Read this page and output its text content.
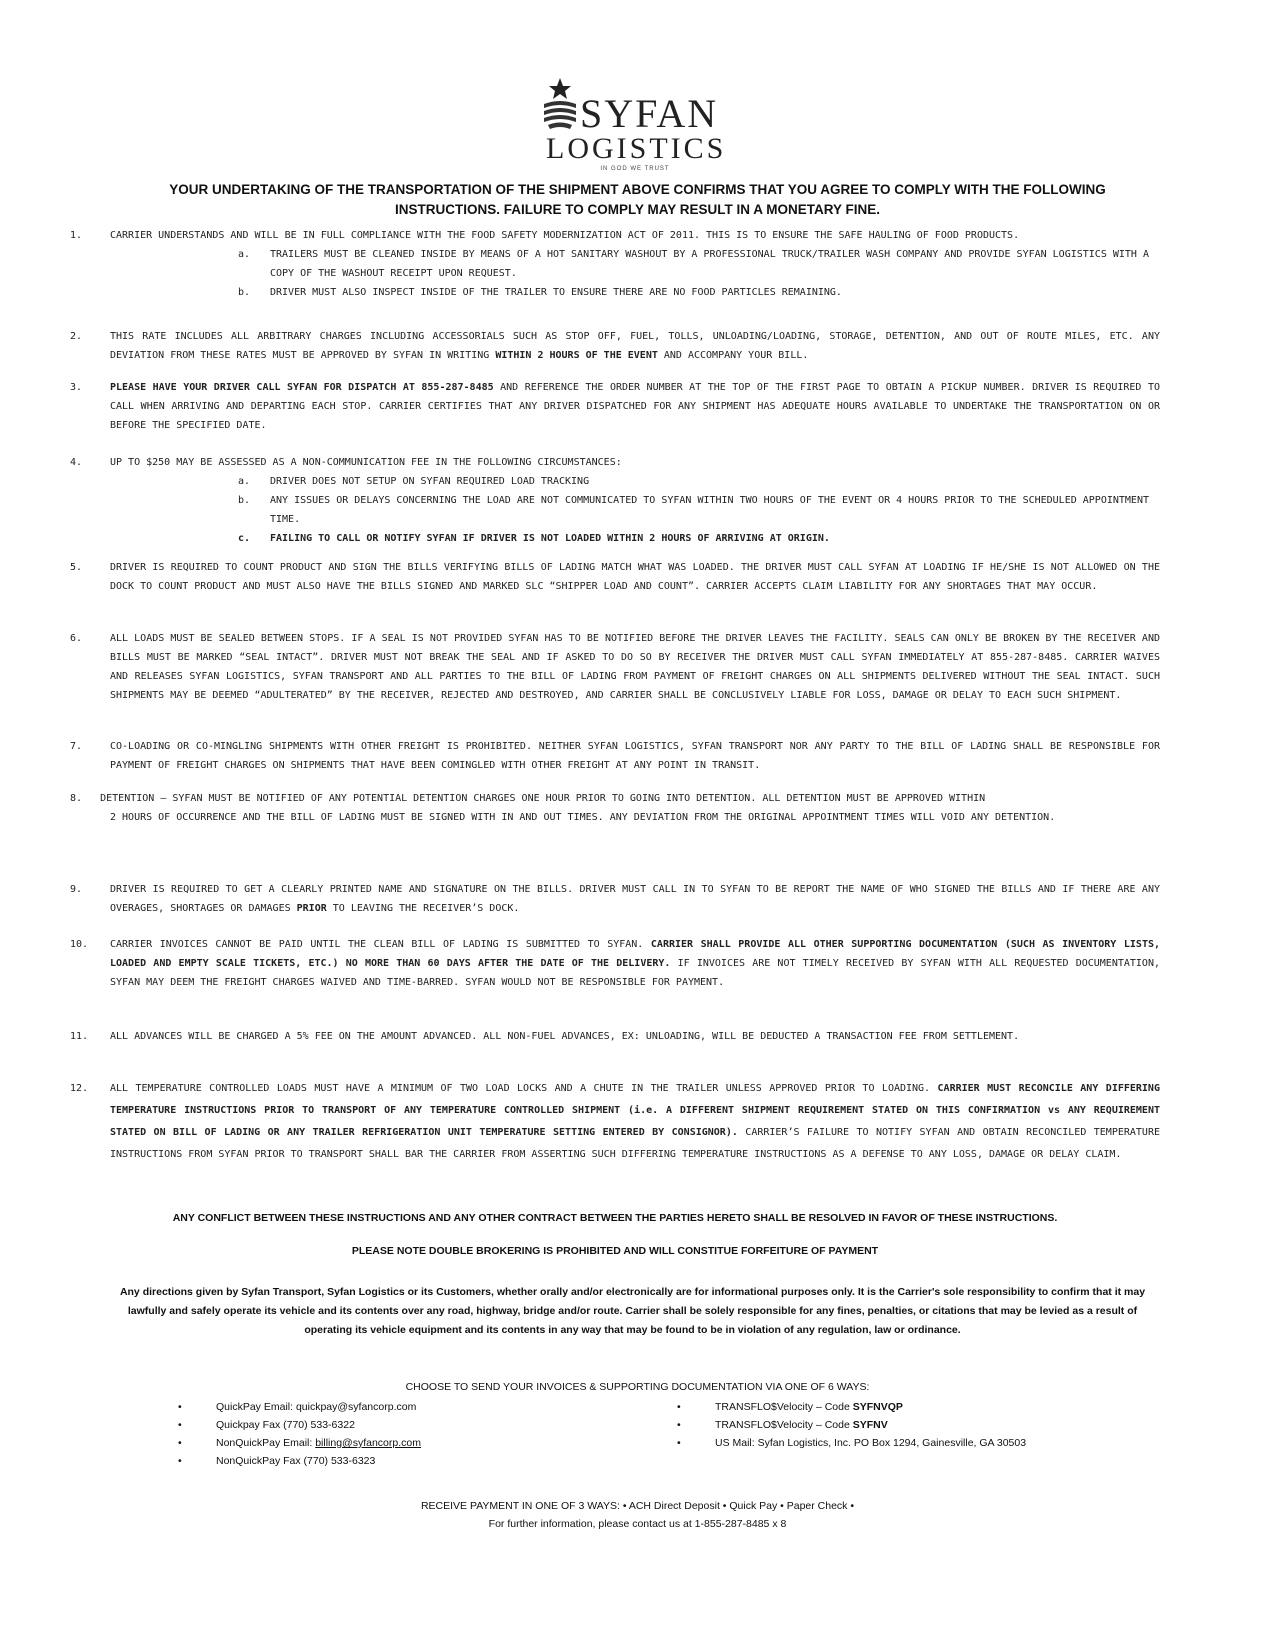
SYFAN
LOGISTICS
IN GOD WE TRUST
YOUR UNDERTAKING OF THE TRANSPORTATION OF THE SHIPMENT ABOVE CONFIRMS THAT YOU AGREE TO COMPLY WITH THE FOLLOWING INSTRUCTIONS. FAILURE TO COMPLY MAY RESULT IN A MONETARY FINE.
1.	CARRIER UNDERSTANDS AND WILL BE IN FULL COMPLIANCE WITH THE FOOD SAFETY MODERNIZATION ACT OF 2011. THIS IS TO ENSURE THE SAFE HAULING OF FOOD PRODUCTS.
a. TRAILERS MUST BE CLEANED INSIDE BY MEANS OF A HOT SANITARY WASHOUT BY A PROFESSIONAL TRUCK/TRAILER WASH COMPANY AND PROVIDE SYFAN LOGISTICS WITH A COPY OF THE WASHOUT RECEIPT UPON REQUEST.
b. DRIVER MUST ALSO INSPECT INSIDE OF THE TRAILER TO ENSURE THERE ARE NO FOOD PARTICLES REMAINING.
2.	THIS RATE INCLUDES ALL ARBITRARY CHARGES INCLUDING ACCESSORIALS SUCH AS STOP OFF, FUEL, TOLLS, UNLOADING/LOADING, STORAGE, DETENTION, AND OUT OF ROUTE MILES, ETC. ANY DEVIATION FROM THESE RATES MUST BE APPROVED BY SYFAN IN WRITING WITHIN 2 HOURS OF THE EVENT AND ACCOMPANY YOUR BILL.
3.	PLEASE HAVE YOUR DRIVER CALL SYFAN FOR DISPATCH AT 855-287-8485 AND REFERENCE THE ORDER NUMBER AT THE TOP OF THE FIRST PAGE TO OBTAIN A PICKUP NUMBER. DRIVER IS REQUIRED TO CALL WHEN ARRIVING AND DEPARTING EACH STOP. CARRIER CERTIFIES THAT ANY DRIVER DISPATCHED FOR ANY SHIPMENT HAS ADEQUATE HOURS AVAILABLE TO UNDERTAKE THE TRANSPORTATION ON OR BEFORE THE SPECIFIED DATE.
4.	UP TO $250 MAY BE ASSESSED AS A NON-COMMUNICATION FEE IN THE FOLLOWING CIRCUMSTANCES:
a. DRIVER DOES NOT SETUP ON SYFAN REQUIRED LOAD TRACKING
b. ANY ISSUES OR DELAYS CONCERNING THE LOAD ARE NOT COMMUNICATED TO SYFAN WITHIN TWO HOURS OF THE EVENT OR 4 HOURS PRIOR TO THE SCHEDULED APPOINTMENT TIME.
c. FAILING TO CALL OR NOTIFY SYFAN IF DRIVER IS NOT LOADED WITHIN 2 HOURS OF ARRIVING AT ORIGIN.
5.	DRIVER IS REQUIRED TO COUNT PRODUCT AND SIGN THE BILLS VERIFYING BILLS OF LADING MATCH WHAT WAS LOADED. THE DRIVER MUST CALL SYFAN AT LOADING IF HE/SHE IS NOT ALLOWED ON THE DOCK TO COUNT PRODUCT AND MUST ALSO HAVE THE BILLS SIGNED AND MARKED SLC “SHIPPER LOAD AND COUNT”. CARRIER ACCEPTS CLAIM LIABILITY FOR ANY SHORTAGES THAT MAY OCCUR.
6.	ALL LOADS MUST BE SEALED BETWEEN STOPS. IF A SEAL IS NOT PROVIDED SYFAN HAS TO BE NOTIFIED BEFORE THE DRIVER LEAVES THE FACILITY. SEALS CAN ONLY BE BROKEN BY THE RECEIVER AND BILLS MUST BE MARKED “SEAL INTACT”. DRIVER MUST NOT BREAK THE SEAL AND IF ASKED TO DO SO BY RECEIVER THE DRIVER MUST CALL SYFAN IMMEDIATELY AT 855-287-8485. CARRIER WAIVES AND RELEASES SYFAN LOGISTICS, SYFAN TRANSPORT AND ALL PARTIES TO THE BILL OF LADING FROM PAYMENT OF FREIGHT CHARGES ON ALL SHIPMENTS DELIVERED WITHOUT THE SEAL INTACT. SUCH SHIPMENTS MAY BE DEEMED “ADULTERATED” BY THE RECEIVER, REJECTED AND DESTROYED, AND CARRIER SHALL BE CONCLUSIVELY LIABLE FOR LOSS, DAMAGE OR DELAY TO EACH SUCH SHIPMENT.
7.	CO-LOADING OR CO-MINGLING SHIPMENTS WITH OTHER FREIGHT IS PROHIBITED. NEITHER SYFAN LOGISTICS, SYFAN TRANSPORT NOR ANY PARTY TO THE BILL OF LADING SHALL BE RESPONSIBLE FOR PAYMENT OF FREIGHT CHARGES ON SHIPMENTS THAT HAVE BEEN COMINGLED WITH OTHER FREIGHT AT ANY POINT IN TRANSIT.
8. DETENTION – SYFAN MUST BE NOTIFIED OF ANY POTENTIAL DETENTION CHARGES ONE HOUR PRIOR TO GOING INTO DETENTION. ALL DETENTION MUST BE APPROVED WITHIN
2 HOURS OF OCCURRENCE AND THE BILL OF LADING MUST BE SIGNED WITH IN AND OUT TIMES. ANY DEVIATION FROM THE ORIGINAL APPOINTMENT TIMES WILL VOID ANY DETENTION.
9.	DRIVER IS REQUIRED TO GET A CLEARLY PRINTED NAME AND SIGNATURE ON THE BILLS. DRIVER MUST CALL IN TO SYFAN TO BE REPORT THE NAME OF WHO SIGNED THE BILLS AND IF THERE ARE ANY OVERAGES, SHORTAGES OR DAMAGES PRIOR TO LEAVING THE RECEIVER’S DOCK.
10. CARRIER INVOICES CANNOT BE PAID UNTIL THE CLEAN BILL OF LADING IS SUBMITTED TO SYFAN. CARRIER SHALL PROVIDE ALL OTHER SUPPORTING DOCUMENTATION (SUCH AS INVENTORY LISTS, LOADED AND EMPTY SCALE TICKETS, ETC.) NO MORE THAN 60 DAYS AFTER THE DATE OF THE DELIVERY. IF INVOICES ARE NOT TIMELY RECEIVED BY SYFAN WITH ALL REQUESTED DOCUMENTATION, SYFAN MAY DEEM THE FREIGHT CHARGES WAIVED AND TIME-BARRED. SYFAN WOULD NOT BE RESPONSIBLE FOR PAYMENT.
11. ALL ADVANCES WILL BE CHARGED A 5% FEE ON THE AMOUNT ADVANCED. ALL NON-FUEL ADVANCES, EX: UNLOADING, WILL BE DEDUCTED A TRANSACTION FEE FROM SETTLEMENT.
12. ALL TEMPERATURE CONTROLLED LOADS MUST HAVE A MINIMUM OF TWO LOAD LOCKS AND A CHUTE IN THE TRAILER UNLESS APPROVED PRIOR TO LOADING. CARRIER MUST RECONCILE ANY DIFFERING TEMPERATURE INSTRUCTIONS PRIOR TO TRANSPORT OF ANY TEMPERATURE CONTROLLED SHIPMENT (i.e. A DIFFERENT SHIPMENT REQUIREMENT STATED ON THIS CONFIRMATION vs ANY REQUIREMENT STATED ON BILL OF LADING OR ANY TRAILER REFRIGERATION UNIT TEMPERATURE SETTING ENTERED BY CONSIGNOR). CARRIER’S FAILURE TO NOTIFY SYFAN AND OBTAIN RECONCILED TEMPERATURE INSTRUCTIONS FROM SYFAN PRIOR TO TRANSPORT SHALL BAR THE CARRIER FROM ASSERTING SUCH DIFFERING TEMPERATURE INSTRUCTIONS AS A DEFENSE TO ANY LOSS, DAMAGE OR DELAY CLAIM.
ANY CONFLICT BETWEEN THESE INSTRUCTIONS AND ANY OTHER CONTRACT BETWEEN THE PARTIES HERETO SHALL BE RESOLVED IN FAVOR OF THESE INSTRUCTIONS.
PLEASE NOTE DOUBLE BROKERING IS PROHIBITED AND WILL CONSTITUE FORFEITURE OF PAYMENT
Any directions given by Syfan Transport, Syfan Logistics or its Customers, whether orally and/or electronically are for informational purposes only. It is the Carrier's sole responsibility to confirm that it may lawfully and safely operate its vehicle and its contents over any road, highway, bridge and/or route. Carrier shall be solely responsible for any fines, penalties, or citations that may be levied as a result of operating its vehicle equipment and its contents in any way that may be found to be in violation of any regulation, law or ordinance.
CHOOSE TO SEND YOUR INVOICES & SUPPORTING DOCUMENTATION VIA ONE OF 6 WAYS:
•	QuickPay Email: quickpay@syfancorp.com
•	Quickpay Fax (770) 533-6322
•	NonQuickPay Email: billing@syfancorp.com
•	NonQuickPay Fax (770) 533-6323
•	TRANSFLO$Velocity – Code SYFNVQP
•	TRANSFLO$Velocity – Code SYFNV
•	US Mail: Syfan Logistics, Inc. PO Box 1294, Gainesville, GA 30503
RECEIVE PAYMENT IN ONE OF 3 WAYS: • ACH Direct Deposit • Quick Pay • Paper Check •
For further information, please contact us at 1-855-287-8485 x 8
